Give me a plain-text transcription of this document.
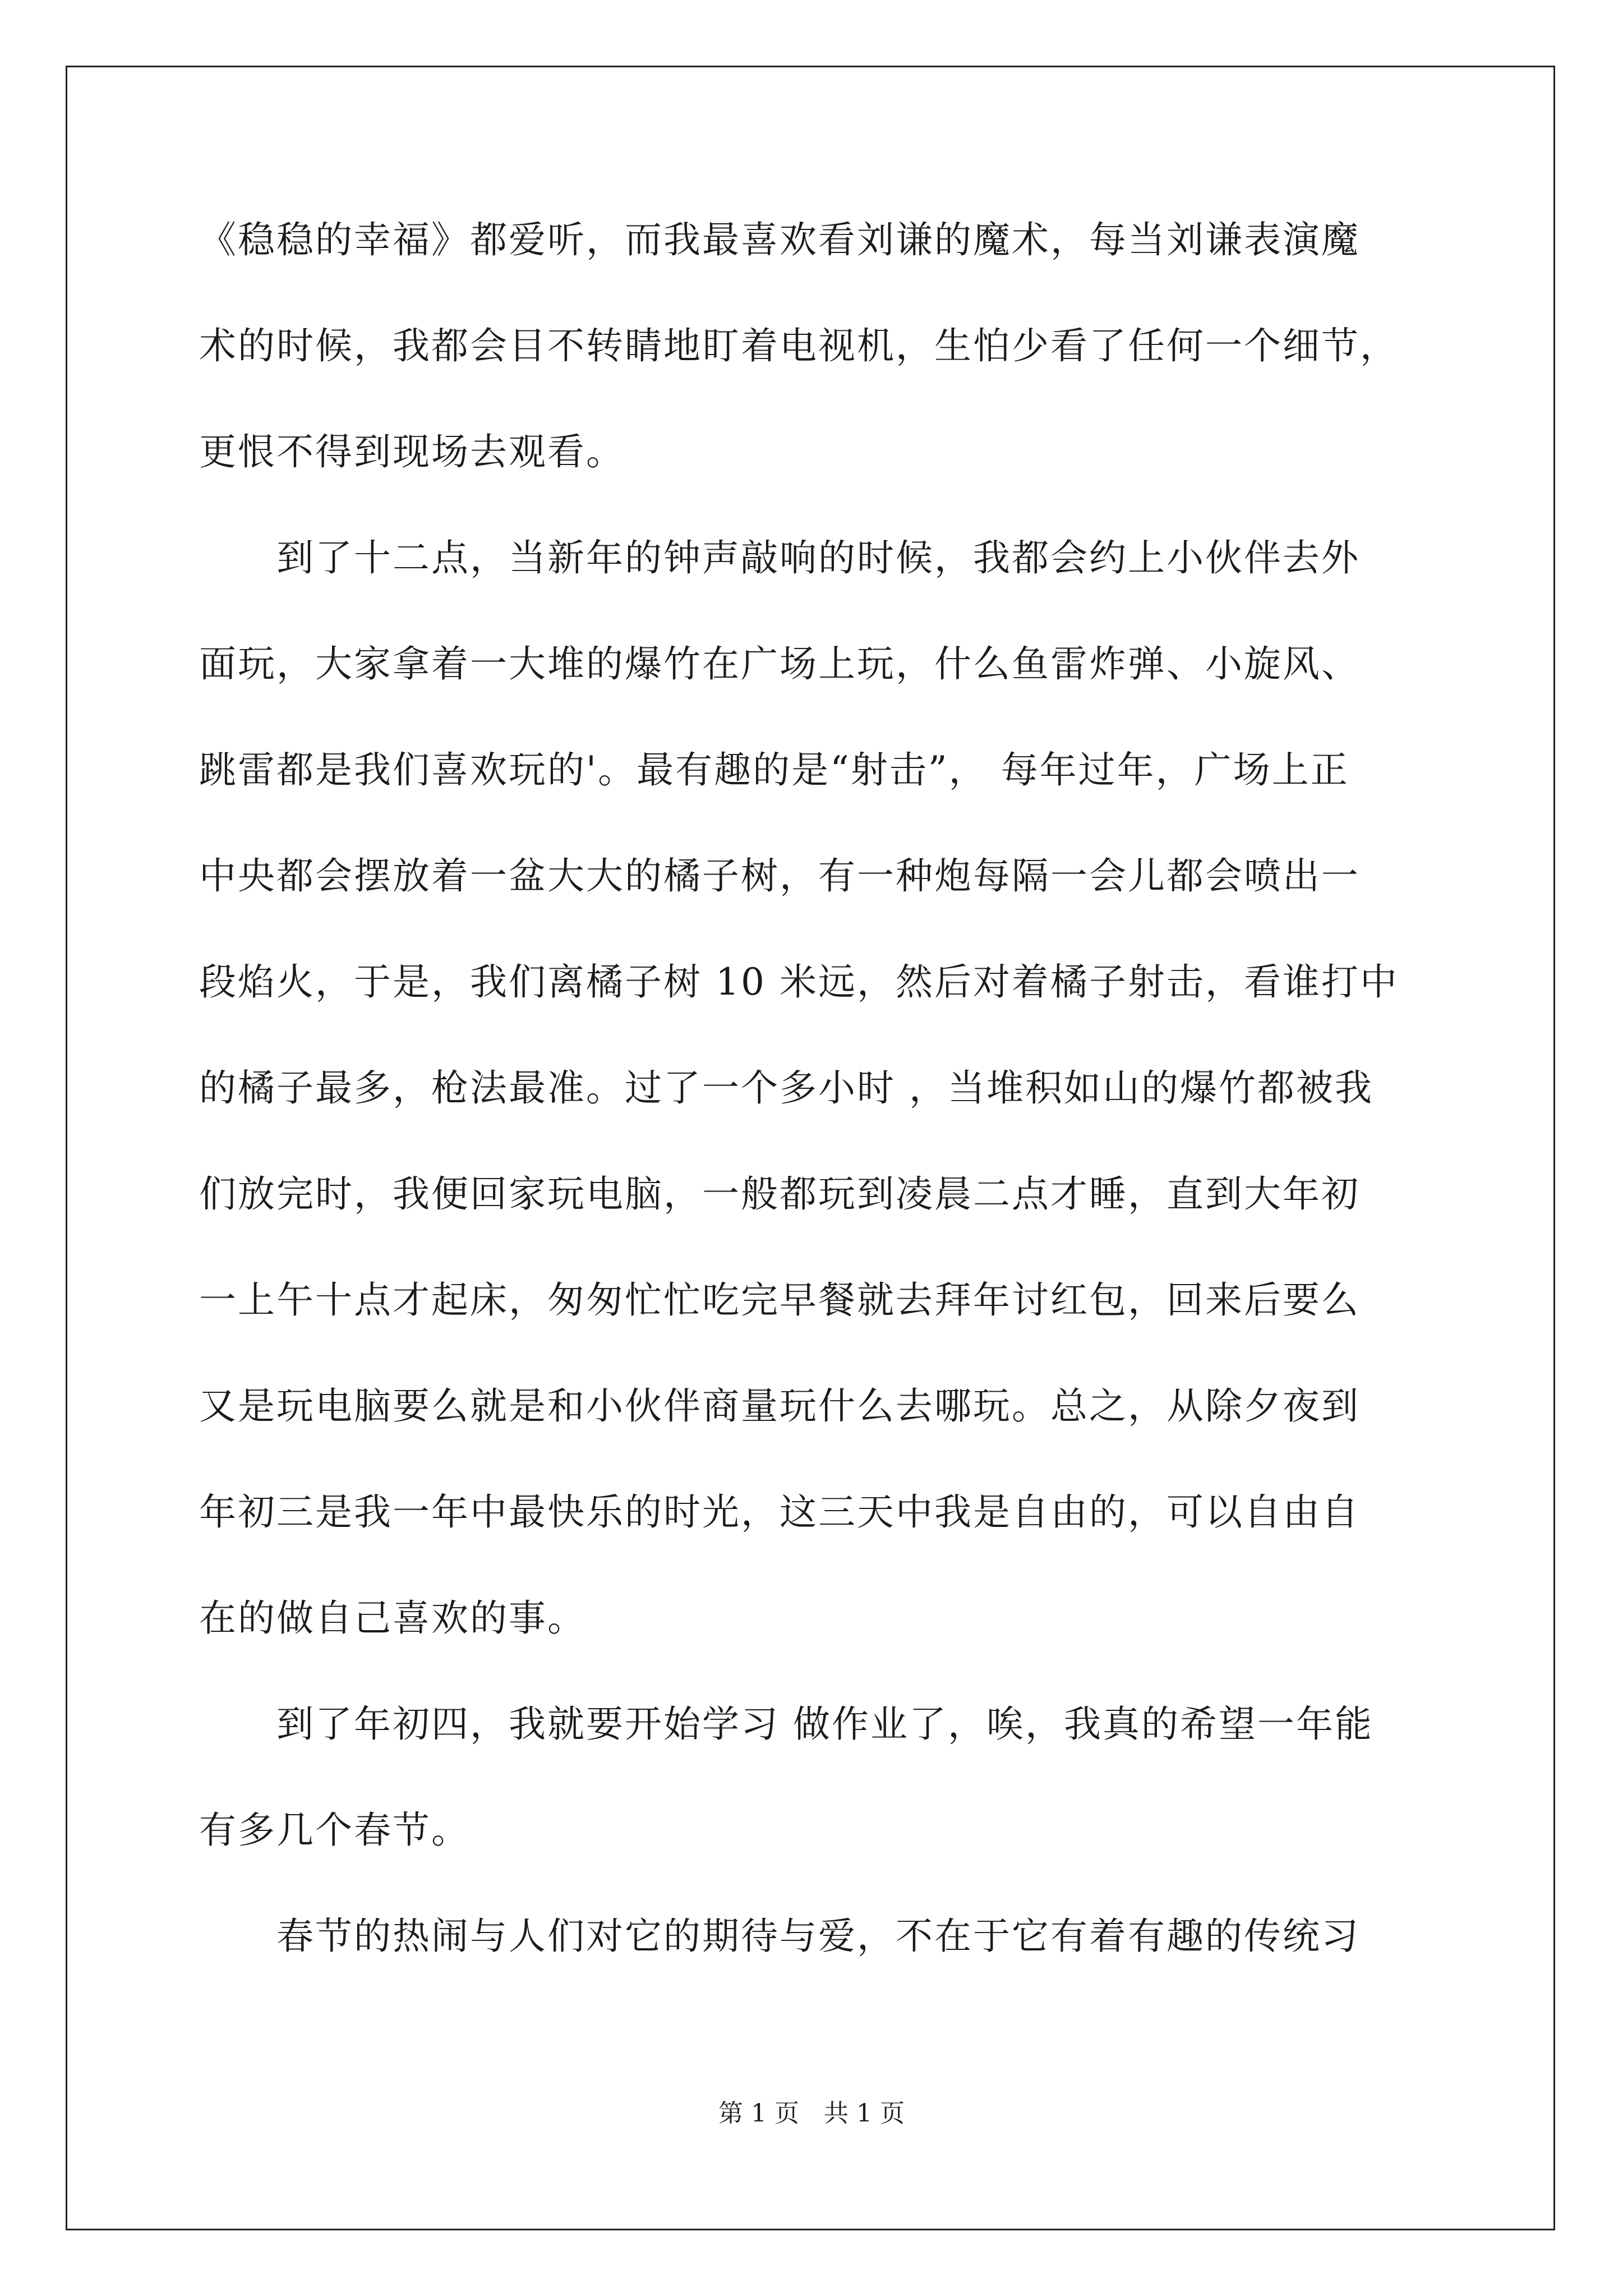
《稳稳的幸福》都爱听，而我最喜欢看刘谦的魔术，每当刘谦表演魔
术的时候，我都会目不转睛地盯着电视机，生怕少看了任何一个细节，
更恨不得到现场去观看。
　　到了十二点，当新年的钟声敲响的时候，我都会约上小伙伴去外
面玩，大家拿着一大堆的爆竹在广场上玩，什么鱼雷炸弹、小旋风、
跳雷都是我们喜欢玩的'。最有趣的是“射击”， 每年过年，广场上正
中央都会摆放着一盆大大的橘子树，有一种炮每隔一会儿都会喷出一
段焰火，于是，我们离橘子树 10 米远，然后对着橘子射击，看谁打中
的橘子最多，枪法最准。过了一个多小时 ，当堆积如山的爆竹都被我
们放完时，我便回家玩电脑，一般都玩到凌晨二点才睡，直到大年初
一上午十点才起床，匆匆忙忙吃完早餐就去拜年讨红包，回来后要么
又是玩电脑要么就是和小伙伴商量玩什么去哪玩。总之，从除夕夜到
年初三是我一年中最快乐的时光，这三天中我是自由的，可以自由自
在的做自己喜欢的事。
　　到了年初四，我就要开始学习 做作业了，唉，我真的希望一年能
有多几个春节。
　　春节的热闹与人们对它的期待与爱，不在于它有着有趣的传统习
第 1 页　共 1 页
